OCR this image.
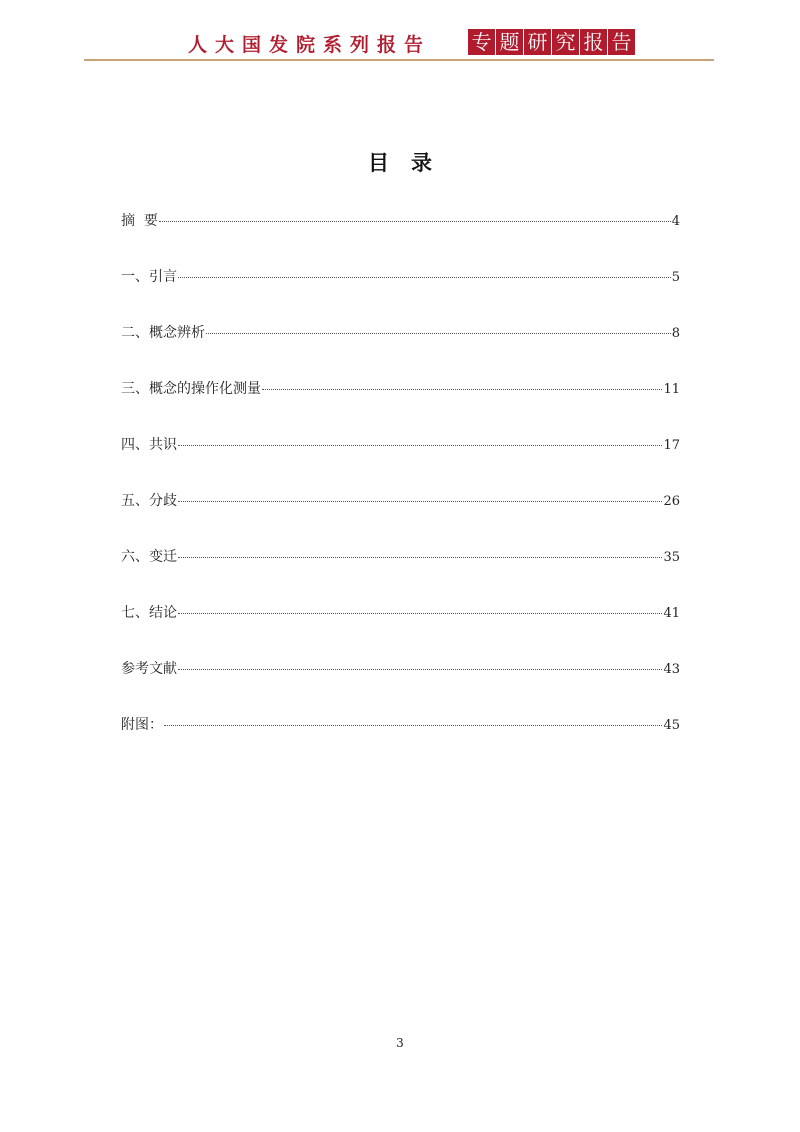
人大国发院系列报告 专 题 研 究 报 告
目录
摘  要	4
一、引言	5
二、概念辨析	8
三、概念的操作化测量	11
四、共识	17
五、分歧	26
六、变迁	35
七、结论	41
参考文献	43
附图：	45
3
